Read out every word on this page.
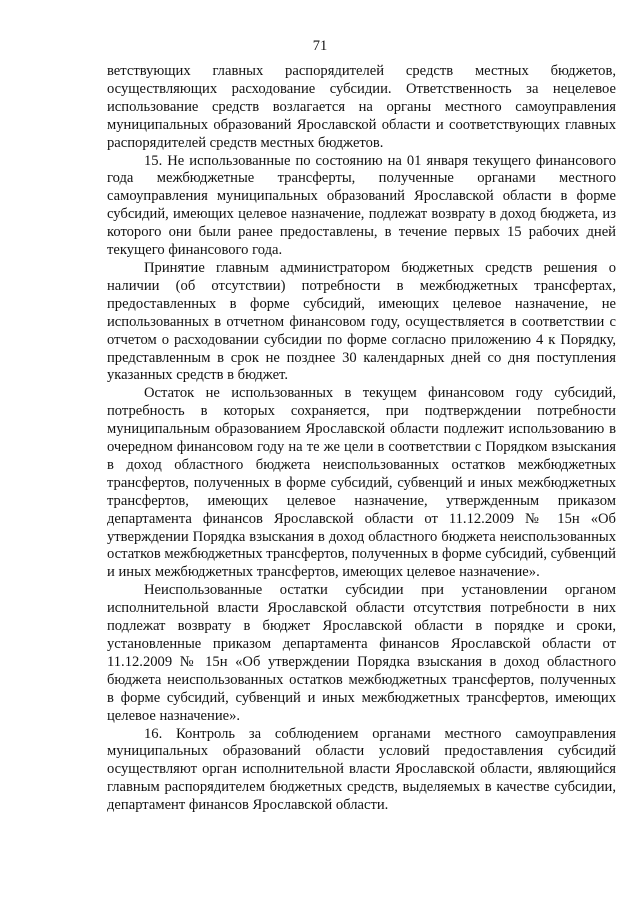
71

ветствующих главных распорядителей средств местных бюджетов, осуществляющих расходование субсидии. Ответственность за нецелевое использование средств возлагается на органы местного самоуправления муниципальных образований Ярославской области и соответствующих главных распорядителей средств местных бюджетов.

15. Не использованные по состоянию на 01 января текущего финансового года межбюджетные трансферты, полученные органами местного самоуправления муниципальных образований Ярославской области в форме субсидий, имеющих целевое назначение, подлежат возврату в доход бюджета, из которого они были ранее предоставлены, в течение первых 15 рабочих дней текущего финансового года.

Принятие главным администратором бюджетных средств решения о наличии (об отсутствии) потребности в межбюджетных трансфертах, предоставленных в форме субсидий, имеющих целевое назначение, не использованных в отчетном финансовом году, осуществляется в соответствии с отчетом о расходовании субсидии по форме согласно приложению 4 к Порядку, представленным в срок не позднее 30 календарных дней со дня поступления указанных средств в бюджет.

Остаток не использованных в текущем финансовом году субсидий, потребность в которых сохраняется, при подтверждении потребности муниципальным образованием Ярославской области подлежит использованию в очередном финансовом году на те же цели в соответствии с Порядком взыскания в доход областного бюджета неиспользованных остатков межбюджетных трансфертов, полученных в форме субсидий, субвенций и иных межбюджетных трансфертов, имеющих целевое назначение, утвержденным приказом департамента финансов Ярославской области от 11.12.2009 № 15н «Об утверждении Порядка взыскания в доход областного бюджета неиспользованных остатков межбюджетных трансфертов, полученных в форме субсидий, субвенций и иных межбюджетных трансфертов, имеющих целевое назначение».

Неиспользованные остатки субсидии при установлении органом исполнительной власти Ярославской области отсутствия потребности в них подлежат возврату в бюджет Ярославской области в порядке и сроки, установленные приказом департамента финансов Ярославской области от 11.12.2009 № 15н «Об утверждении Порядка взыскания в доход областного бюджета неиспользованных остатков межбюджетных трансфертов, полученных в форме субсидий, субвенций и иных межбюджетных трансфертов, имеющих целевое назначение».

16. Контроль за соблюдением органами местного самоуправления муниципальных образований области условий предоставления субсидий осуществляют орган исполнительной власти Ярославской области, являющийся главным распорядителем бюджетных средств, выделяемых в качестве субсидии, департамент финансов Ярославской области.
